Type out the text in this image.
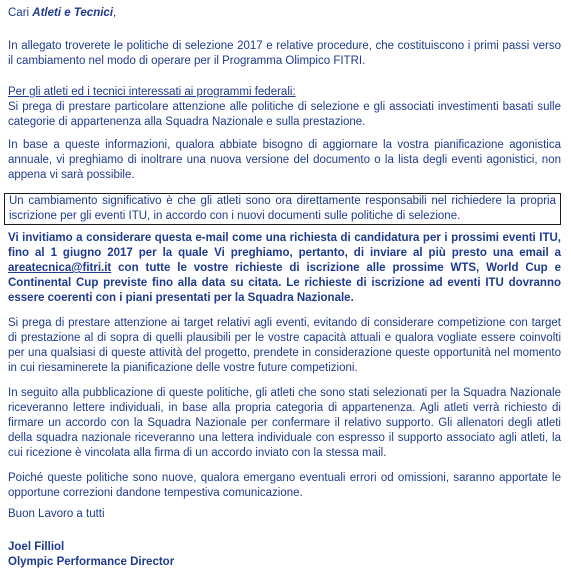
Cari Atleti e Tecnici,

In allegato troverete le politiche di selezione 2017 e relative procedure, che costituiscono i primi passi verso il cambiamento nel modo di operare per il Programma Olimpico FITRI.

Per gli atleti ed i tecnici interessati ai programmi federali:

Si prega di prestare particolare attenzione alle politiche di selezione e gli associati investimenti basati sulle categorie di appartenenza alla Squadra Nazionale e sulla prestazione.

In base a queste informazioni, qualora abbiate bisogno di aggiornare la vostra pianificazione agonistica annuale, vi preghiamo di inoltrare una nuova versione del documento o la lista degli eventi agonistici, non appena vi sarà possibile.

Un cambiamento significativo è che gli atleti sono ora direttamente responsabili nel richiedere la propria iscrizione per gli eventi ITU, in accordo con i nuovi documenti sulle politiche di selezione.

Vi invitiamo a considerare questa e-mail come una richiesta di candidatura per i prossimi eventi ITU, fino al 1 giugno 2017 per la quale Vi preghiamo, pertanto, di inviare al più presto una email a areatecnica@fitri.it con tutte le vostre richieste di iscrizione alle prossime WTS, World Cup e Continental Cup previste fino alla data su citata. Le richieste di iscrizione ad eventi ITU dovranno essere coerenti con i piani presentati per la Squadra Nazionale.

Si prega di prestare attenzione ai target relativi agli eventi, evitando di considerare competizione con target di prestazione al di sopra di quelli plausibili per le vostre capacità attuali e qualora vogliate essere coinvolti per una qualsiasi di queste attività del progetto, prendete in considerazione queste opportunità nel momento in cui riesaminerete la pianificazione delle vostre future competizioni.

In seguito alla pubblicazione di queste politiche, gli atleti che sono stati selezionati per la Squadra Nazionale riceveranno lettere individuali, in base alla propria categoria di appartenenza. Agli atleti verrà richiesto di firmare un accordo con la Squadra Nazionale per confermare il relativo supporto. Gli allenatori degli atleti della squadra nazionale riceveranno una lettera individuale con espresso il supporto associato agli atleti, la cui ricezione è vincolata alla firma di un accordo inviato con la stessa mail.

Poiché queste politiche sono nuove, qualora emergano eventuali errori od omissioni, saranno apportate le opportune correzioni dandone tempestiva comunicazione.

Buon Lavoro a tutti

Joel Filliol

Olympic Performance Director
